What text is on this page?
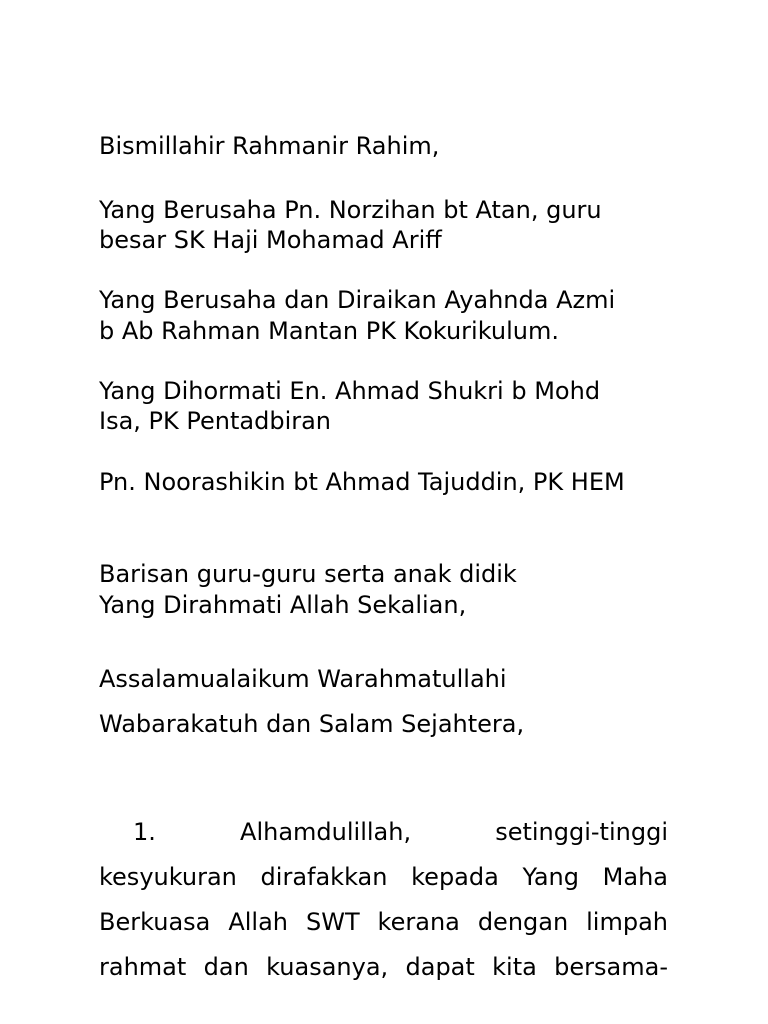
Bismillahir Rahmanir Rahim,
Yang Berusaha Pn. Norzihan bt Atan, guru
besar SK Haji Mohamad Ariff
Yang Berusaha dan Diraikan Ayahnda Azmi
b Ab Rahman Mantan PK Kokurikulum.
Yang Dihormati En. Ahmad Shukri b Mohd
Isa, PK Pentadbiran
Pn. Noorashikin bt Ahmad Tajuddin, PK HEM
Barisan guru-guru serta anak didik
Yang Dirahmati Allah Sekalian,
Assalamualaikum Warahmatullahi
Wabarakatuh dan Salam Sejahtera,
1.	Alhamdulillah, setinggi-tinggi
kesyukuran dirafakkan kepada Yang Maha
Berkuasa Allah SWT kerana dengan limpah
rahmat dan kuasanya, dapat kita bersama-
